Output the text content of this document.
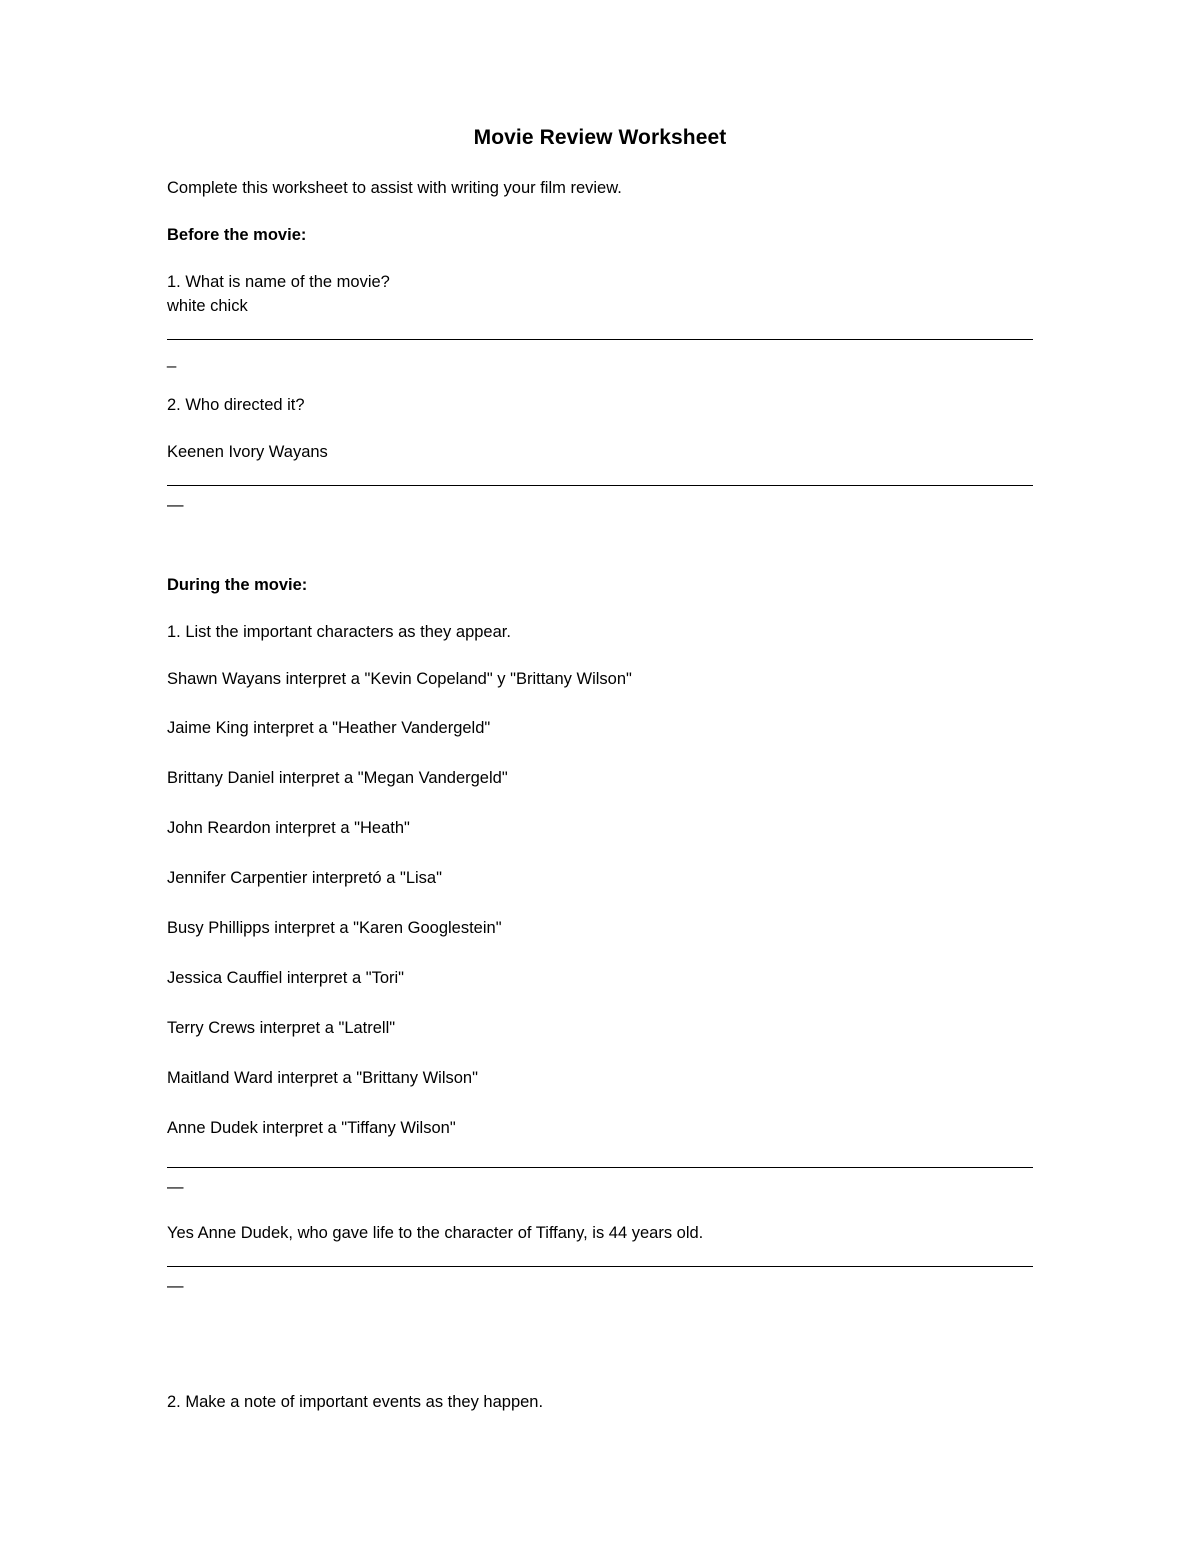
Movie Review Worksheet

Complete this worksheet to assist with writing your film review.

Before the movie:

1. What is name of the movie?

white chick

_

2. Who directed it?

Keenen Ivory Wayans

—

During the movie:

1. List the important characters as they appear.

Shawn Wayans interpret a "Kevin Copeland" y "Brittany Wilson"

Jaime King interpret a "Heather Vandergeld"

Brittany Daniel interpret a "Megan Vandergeld"

John Reardon interpret a "Heath"

Jennifer Carpentier interpretó a "Lisa"

Busy Phillipps interpret a "Karen Googlestein"

Jessica Cauffiel interpret a "Tori"

Terry Crews interpret a "Latrell"

Maitland Ward interpret a "Brittany Wilson"

Anne Dudek interpret a "Tiffany Wilson"

—

Yes Anne Dudek, who gave life to the character of Tiffany, is 44 years old.

—

2. Make a note of important events as they happen.
